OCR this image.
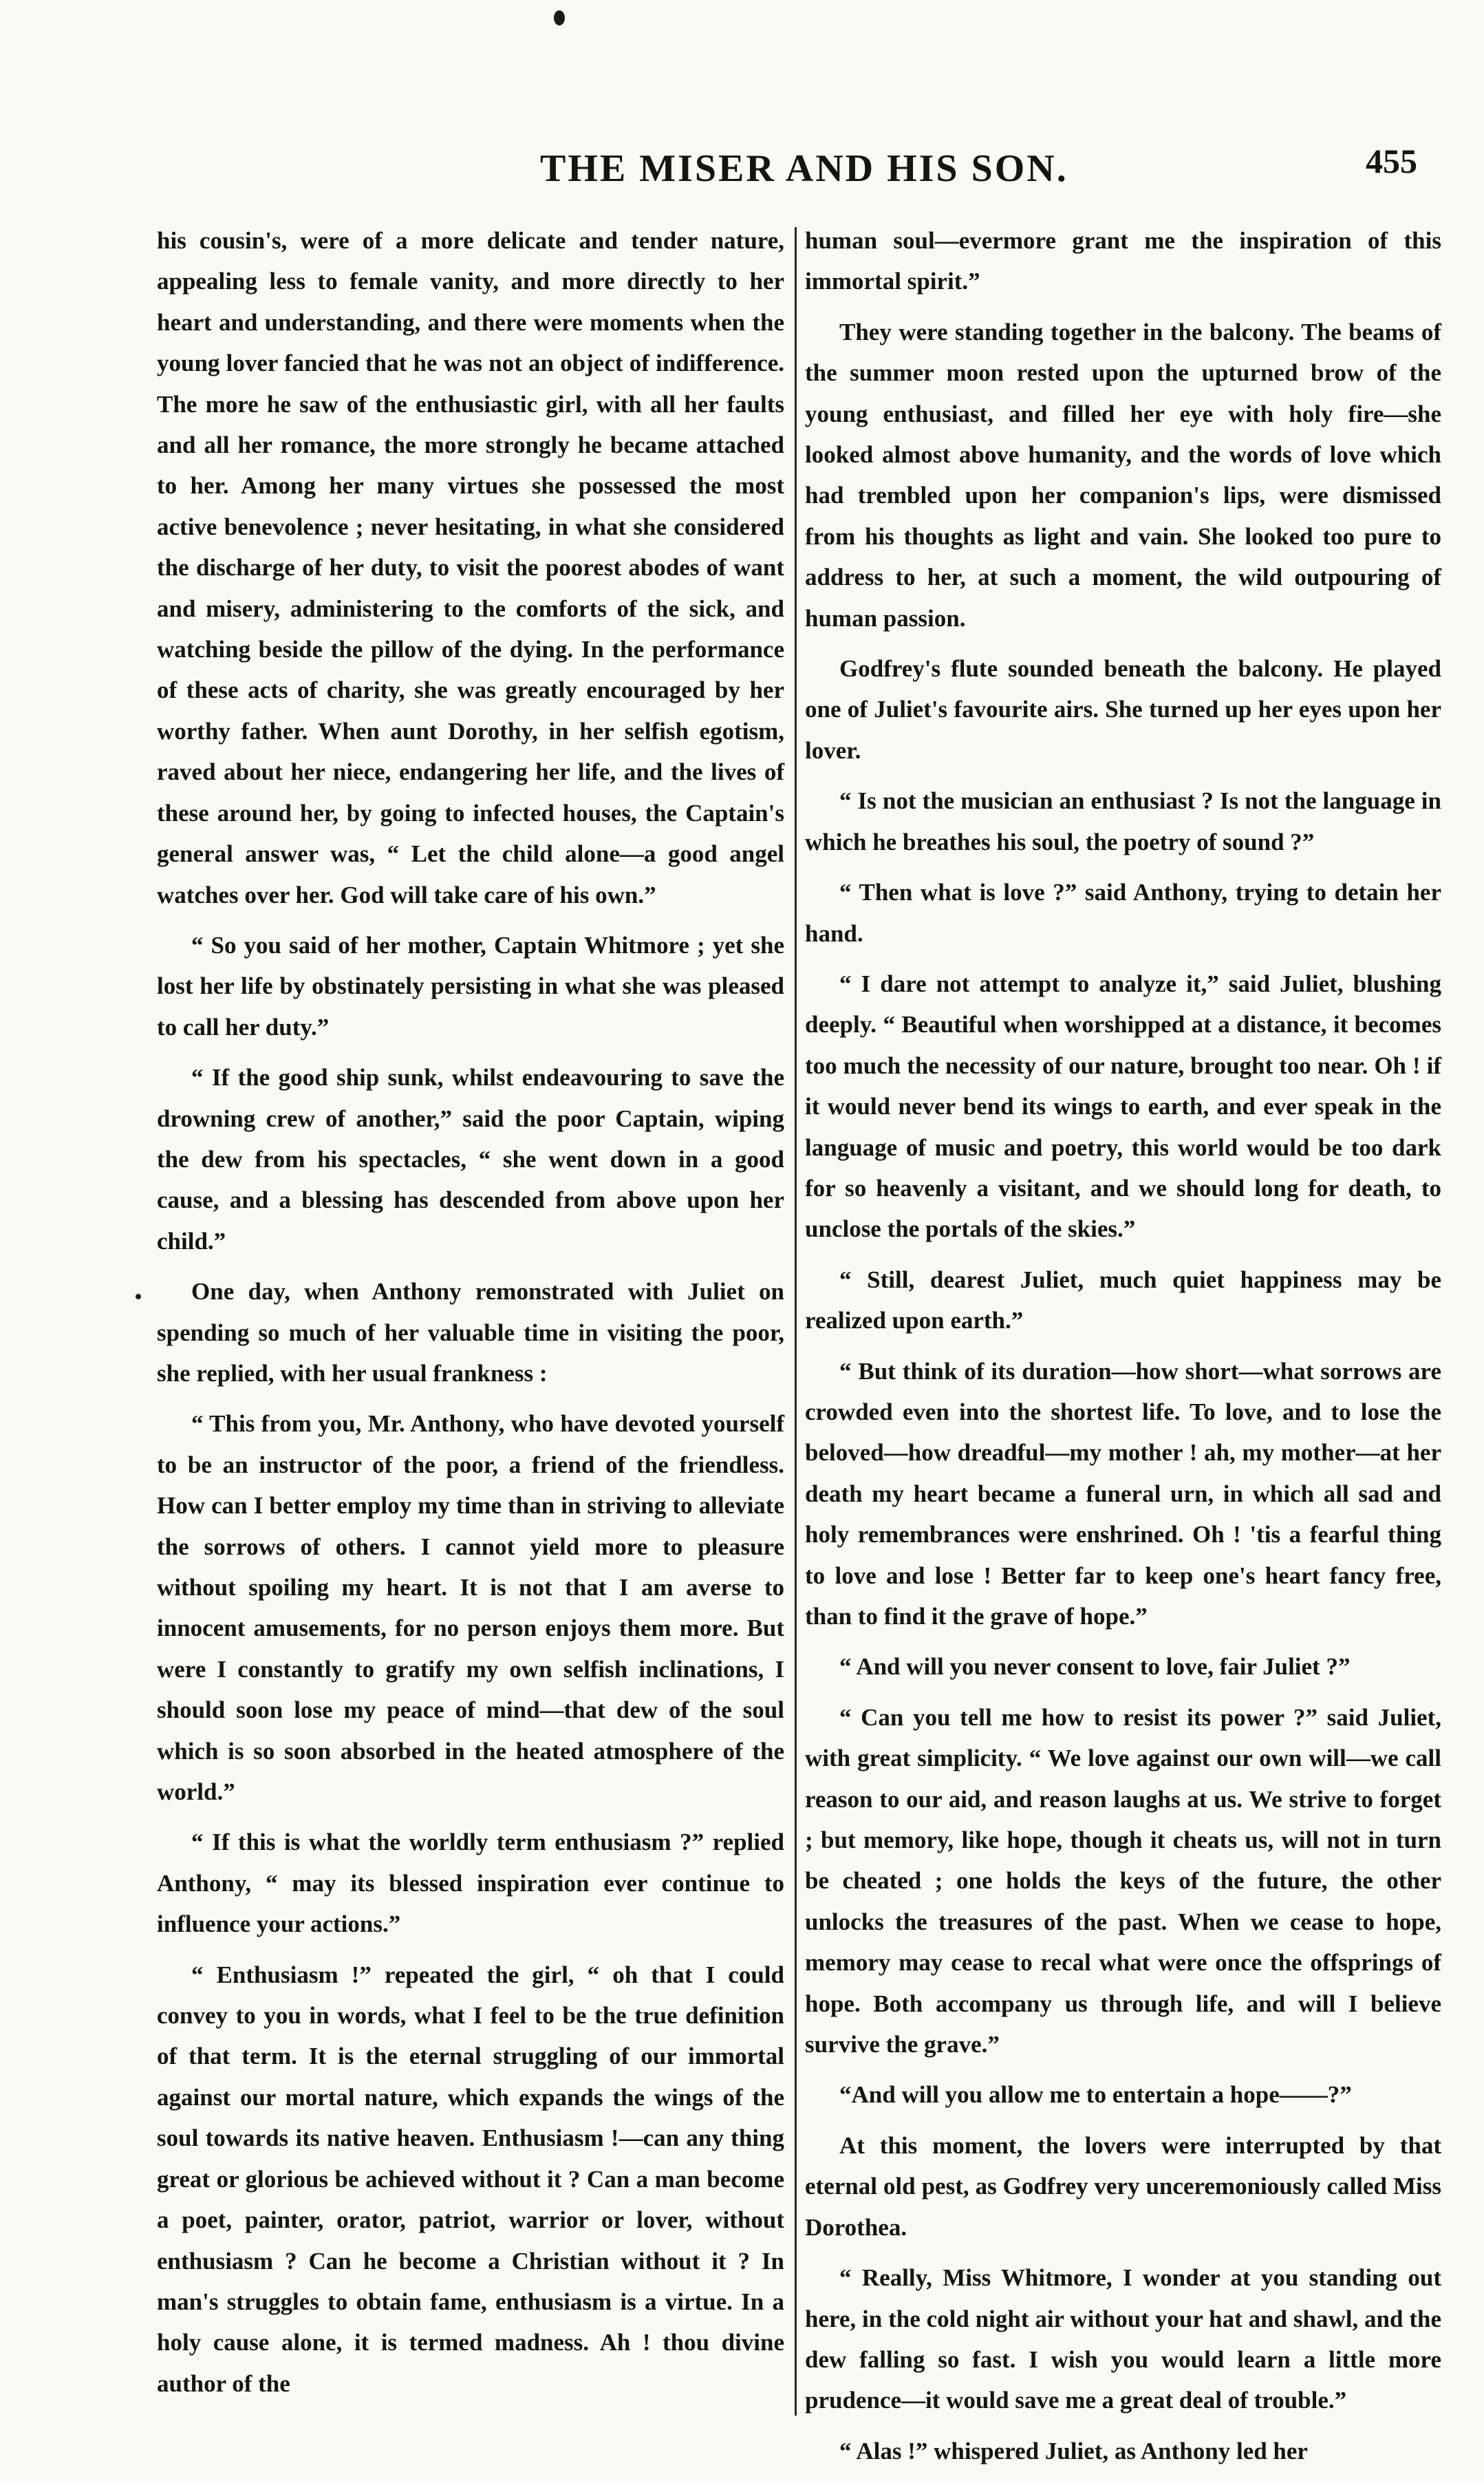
THE MISER AND HIS SON.	455

his cousin's, were of a more delicate and tender nature, appealing less to female vanity, and more directly to her heart and understanding, and there were moments when the young lover fancied that he was not an object of indifference. The more he saw of the enthusiastic girl, with all her faults and all her romance, the more strongly he became attached to her. Among her many virtues she possessed the most active benevolence ; never hesitating, in what she considered the discharge of her duty, to visit the poorest abodes of want and misery, administering to the comforts of the sick, and watching beside the pillow of the dying. In the performance of these acts of charity, she was greatly encouraged by her worthy father. When aunt Dorothy, in her selfish egotism, raved about her niece, endangering her life, and the lives of these around her, by going to infected houses, the Captain's general answer was, “ Let the child alone—a good angel watches over her. God will take care of his own.”

“ So you said of her mother, Captain Whitmore ; yet she lost her life by obstinately persisting in what she was pleased to call her duty.”

“ If the good ship sunk, whilst endeavouring to save the drowning crew of another,” said the poor Captain, wiping the dew from his spectacles, “ she went down in a good cause, and a blessing has descended from above upon her child.”

One day, when Anthony remonstrated with Juliet on spending so much of her valuable time in visiting the poor, she replied, with her usual frankness :

“ This from you, Mr. Anthony, who have devoted yourself to be an instructor of the poor, a friend of the friendless. How can I better employ my time than in striving to alleviate the sorrows of others. I cannot yield more to pleasure without spoiling my heart. It is not that I am averse to innocent amusements, for no person enjoys them more. But were I constantly to gratify my own selfish inclinations, I should soon lose my peace of mind—that dew of the soul which is so soon absorbed in the heated atmosphere of the world.”

“ If this is what the worldly term enthusiasm ?” replied Anthony, “ may its blessed inspiration ever continue to influence your actions.”

“ Enthusiasm !” repeated the girl, “ oh that I could convey to you in words, what I feel to be the true definition of that term. It is the eternal struggling of our immortal against our mortal nature, which expands the wings of the soul towards its native heaven. Enthusiasm !—can any thing great or glorious be achieved without it ? Can a man become a poet, painter, orator, patriot, warrior or lover, without enthusiasm ? Can he become a Christian without it ? In man's struggles to obtain fame, enthusiasm is a virtue. In a holy cause alone, it is termed madness. Ah ! thou divine author of the

human soul—evermore grant me the inspiration of this immortal spirit.”

They were standing together in the balcony. The beams of the summer moon rested upon the upturned brow of the young enthusiast, and filled her eye with holy fire—she looked almost above humanity, and the words of love which had trembled upon her companion's lips, were dismissed from his thoughts as light and vain. She looked too pure to address to her, at such a moment, the wild outpouring of human passion.

Godfrey's flute sounded beneath the balcony. He played one of Juliet's favourite airs. She turned up her eyes upon her lover.

“ Is not the musician an enthusiast ? Is not the language in which he breathes his soul, the poetry of sound ?”

“ Then what is love ?” said Anthony, trying to detain her hand.

“ I dare not attempt to analyze it,” said Juliet, blushing deeply. “ Beautiful when worshipped at a distance, it becomes too much the necessity of our nature, brought too near. Oh ! if it would never bend its wings to earth, and ever speak in the language of music and poetry, this world would be too dark for so heavenly a visitant, and we should long for death, to unclose the portals of the skies.”

“ Still, dearest Juliet, much quiet happiness may be realized upon earth.”

“ But think of its duration—how short—what sorrows are crowded even into the shortest life. To love, and to lose the beloved—how dreadful—my mother ! ah, my mother—at her death my heart became a funeral urn, in which all sad and holy remembrances were enshrined. Oh ! 'tis a fearful thing to love and lose ! Better far to keep one's heart fancy free, than to find it the grave of hope.”

“ And will you never consent to love, fair Juliet ?”

“ Can you tell me how to resist its power ?” said Juliet, with great simplicity. “ We love against our own will—we call reason to our aid, and reason laughs at us. We strive to forget ; but memory, like hope, though it cheats us, will not in turn be cheated ; one holds the keys of the future, the other unlocks the treasures of the past. When we cease to hope, memory may cease to recal what were once the offsprings of hope. Both accompany us through life, and will I believe survive the grave.”

“And will you allow me to entertain a hope——?”

At this moment, the lovers were interrupted by that eternal old pest, as Godfrey very unceremoniously called Miss Dorothea.

“ Really, Miss Whitmore, I wonder at you standing out here, in the cold night air without your hat and shawl, and the dew falling so fast. I wish you would learn a little more prudence—it would save me a great deal of trouble.”

“ Alas !” whispered Juliet, as Anthony led her
